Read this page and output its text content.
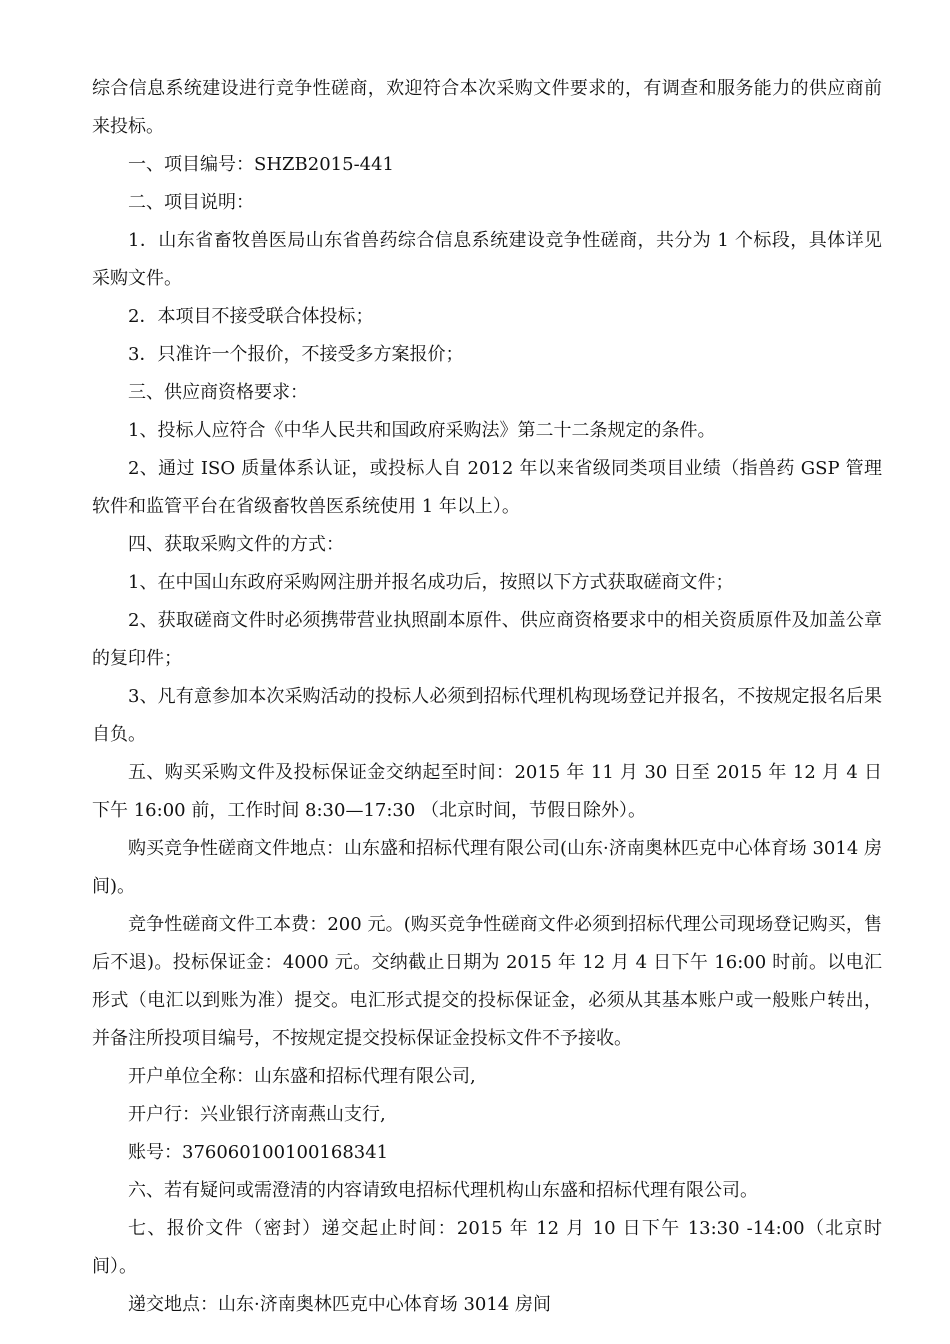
综合信息系统建设进行竞争性磋商，欢迎符合本次采购文件要求的，有调查和服务能力的供应商前来投标。

一、项目编号：SHZB2015-441

二、项目说明：

1．山东省畜牧兽医局山东省兽药综合信息系统建设竞争性磋商，共分为 1 个标段，具体详见采购文件。

2．本项目不接受联合体投标；

3．只准许一个报价，不接受多方案报价；

三、供应商资格要求：

1、投标人应符合《中华人民共和国政府采购法》第二十二条规定的条件。

2、通过 ISO 质量体系认证，或投标人自 2012 年以来省级同类项目业绩（指兽药 GSP 管理软件和监管平台在省级畜牧兽医系统使用 1 年以上）。

四、获取采购文件的方式：

1、在中国山东政府采购网注册并报名成功后，按照以下方式获取磋商文件；

2、获取磋商文件时必须携带营业执照副本原件、供应商资格要求中的相关资质原件及加盖公章的复印件；

3、凡有意参加本次采购活动的投标人必须到招标代理机构现场登记并报名，不按规定报名后果自负。

五、购买采购文件及投标保证金交纳起至时间：2015 年 11 月 30 日至 2015 年 12 月 4 日下午 16:00 前，工作时间 8:30—17:30 （北京时间，节假日除外）。

购买竞争性磋商文件地点：山东盛和招标代理有限公司(山东·济南奥林匹克中心体育场 3014 房间)。

竞争性磋商文件工本费：200 元。(购买竞争性磋商文件必须到招标代理公司现场登记购买，售后不退)。投标保证金：4000 元。交纳截止日期为 2015 年 12 月 4 日下午 16:00 时前。以电汇形式（电汇以到账为准）提交。电汇形式提交的投标保证金，必须从其基本账户或一般账户转出，并备注所投项目编号，不按规定提交投标保证金投标文件不予接收。

开户单位全称：山东盛和招标代理有限公司,

开户行：兴业银行济南燕山支行,

账号：376060100100168341

六、若有疑问或需澄清的内容请致电招标代理机构山东盛和招标代理有限公司。

七、报价文件（密封）递交起止时间：2015 年 12 月 10 日下午 13:30 -14:00（北京时间）。

递交地点：山东·济南奥林匹克中心体育场 3014 房间
